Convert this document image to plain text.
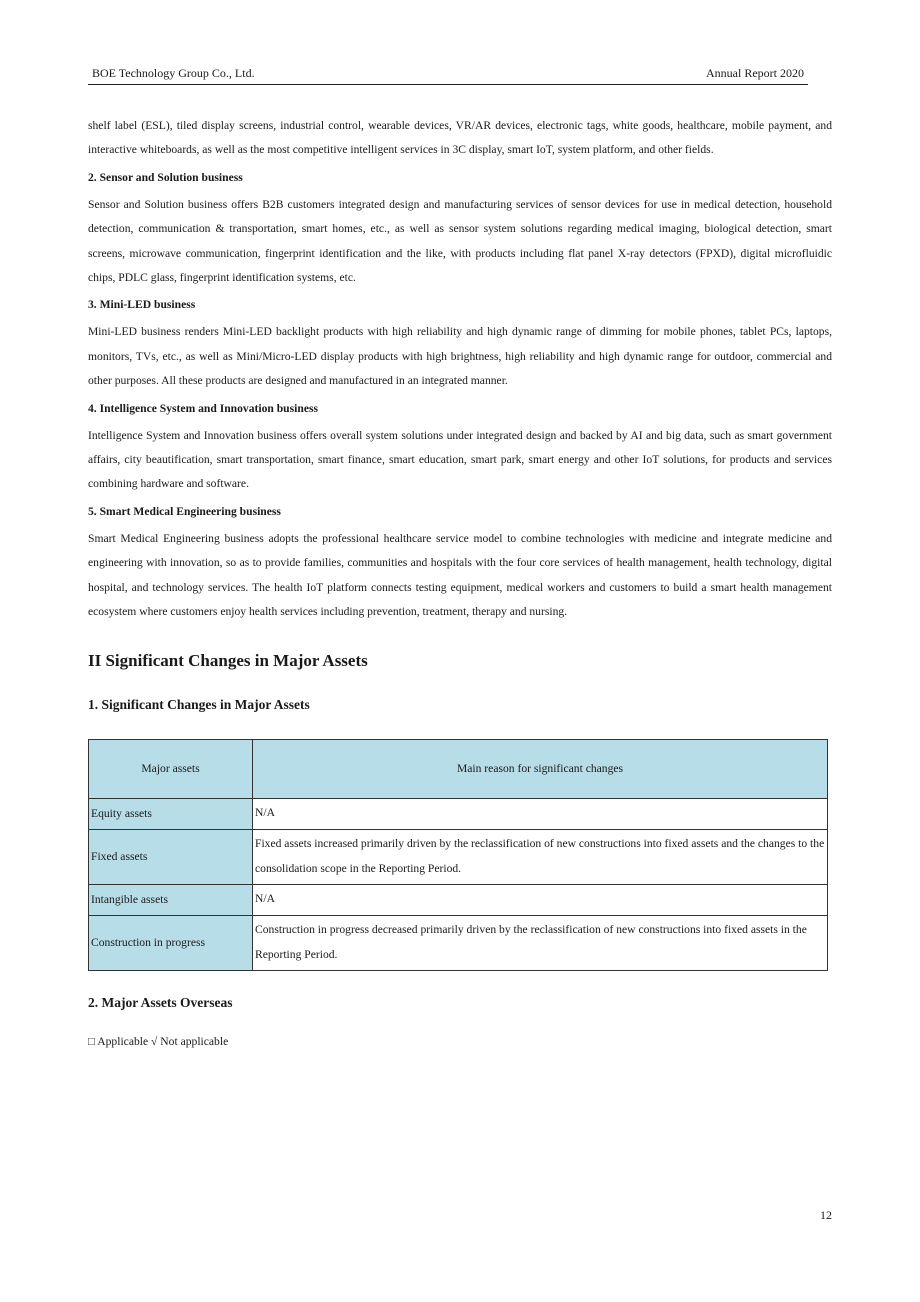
BOE Technology Group Co., Ltd.	Annual Report 2020

shelf label (ESL), tiled display screens, industrial control, wearable devices, VR/AR devices, electronic tags, white goods, healthcare, mobile payment, and interactive whiteboards, as well as the most competitive intelligent services in 3C display, smart IoT, system platform, and other fields.

2. Sensor and Solution business

Sensor and Solution business offers B2B customers integrated design and manufacturing services of sensor devices for use in medical detection, household detection, communication & transportation, smart homes, etc., as well as sensor system solutions regarding medical imaging, biological detection, smart screens, microwave communication, fingerprint identification and the like, with products including flat panel X-ray detectors (FPXD), digital microfluidic chips, PDLC glass, fingerprint identification systems, etc.

3. Mini-LED business

Mini-LED business renders Mini-LED backlight products with high reliability and high dynamic range of dimming for mobile phones, tablet PCs, laptops, monitors, TVs, etc., as well as Mini/Micro-LED display products with high brightness, high reliability and high dynamic range for outdoor, commercial and other purposes. All these products are designed and manufactured in an integrated manner.

4. Intelligence System and Innovation business

Intelligence System and Innovation business offers overall system solutions under integrated design and backed by AI and big data, such as smart government affairs, city beautification, smart transportation, smart finance, smart education, smart park, smart energy and other IoT solutions, for products and services combining hardware and software.

5. Smart Medical Engineering business

Smart Medical Engineering business adopts the professional healthcare service model to combine technologies with medicine and integrate medicine and engineering with innovation, so as to provide families, communities and hospitals with the four core services of health management, health technology, digital hospital, and technology services. The health IoT platform connects testing equipment, medical workers and customers to build a smart health management ecosystem where customers enjoy health services including prevention, treatment, therapy and nursing.

II Significant Changes in Major Assets
1. Significant Changes in Major Assets
Major assets	Main reason for significant changes
Equity assets	N/A
Fixed assets	Fixed assets increased primarily driven by the reclassification of new constructions into fixed assets and the changes to the consolidation scope in the Reporting Period.
Intangible assets	N/A
Construction in progress	Construction in progress decreased primarily driven by the reclassification of new constructions into fixed assets in the Reporting Period.
2. Major Assets Overseas
□ Applicable √ Not applicable
12
